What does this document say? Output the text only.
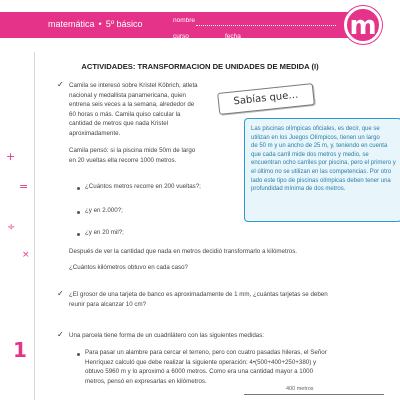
matemática • 5º básico	nombre
curso	fecha	m
+
=
÷
×
1
ACTIVIDADES: TRANSFORMACION DE UNIDADES DE MEDIDA (I)
✓ Camila se interesó sobre Kristel Köbrich, atleta
nacional y medallista panamericana, quien
entrena seis veces a la semana, alrededor de
60 horas o más. Camila quiso calcular la
cantidad de metros que nada Kristel
aproximadamente.
Camila pensó: si la piscina mide 50m de largo
en 20 vueltas ella recorre 1000 metros.
¿Cuántos metros recorre en 200 vueltas?;
¿y en 2.000?;
¿y en 20 mil?;
Después de ver la cantidad que nada en metros decidió transformarlo a kilómetros.
¿Cuántos kilómetros obtuvo en cada caso?
✓ ¿El grosor de una tarjeta de banco es aproximadamente de 1 mm, ¿cuántas tarjetas se deben
reunir para alcanzar 10 cm?
✓ Una parcela tiene forma de un cuadrilátero con las siguientes medidas:
Para pasar un alambre para cercar el terreno, pero con cuatro pasadas hileras, el Señor
Henríquez calculó que debe realizar la siguiente operación: 4•(500+400+250+380) y
obtuvo 5960 m y lo aproximó a 6000 metros. Como era una cantidad mayor a 1000
metros, pensó en expresarlas en kilómetros.
Sabías que…
Las piscinas olímpicas oficiales, es decir, que se
utilizan en los Juegos Olímpicos, tienen un largo
de 50 m y un ancho de 25 m, y, teniendo en cuenta
que cada carril mide dos metros y medio, se
encuentran ocho carriles por piscina, pero el primero y
el último no se utilizan en las competencias. Por otro
lado este tipo de piscinas olímpicas deben tener una
profundidad mínima de dos metros.
400 metros
